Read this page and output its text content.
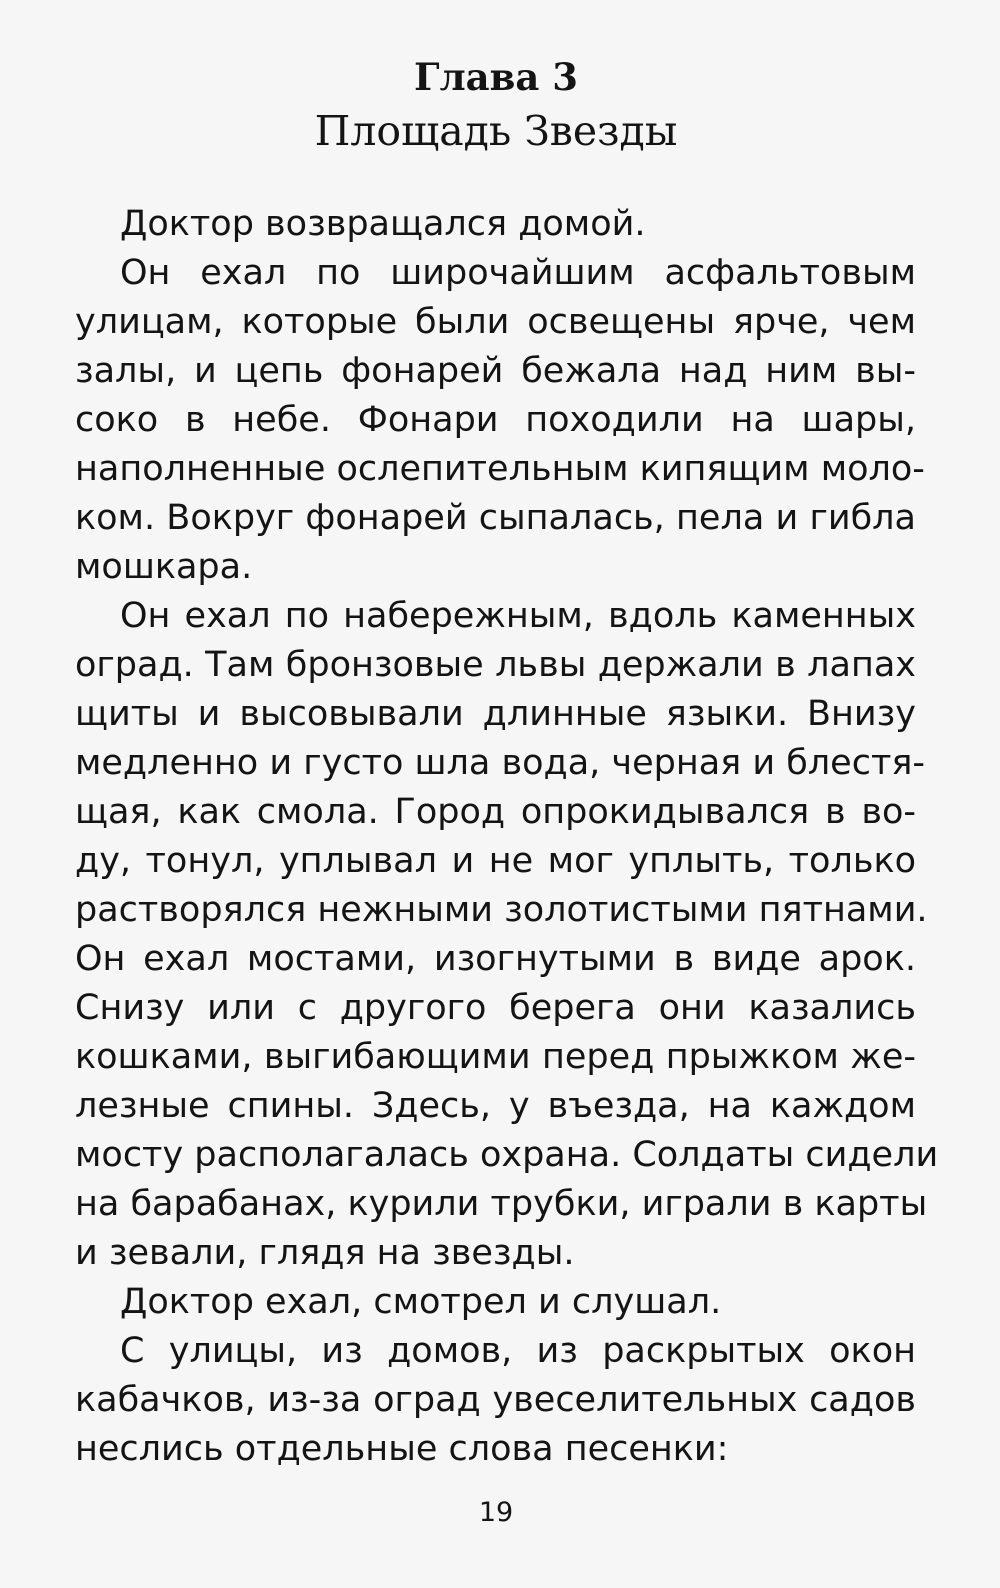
Глава 3
Площадь Звезды
Доктор возвращался домой.
Он ехал по широчайшим асфальтовым
улицам, которые были освещены ярче, чем
залы, и цепь фонарей бежала над ним вы-
соко в небе. Фонари походили на шары,
наполненные ослепительным кипящим моло-
ком. Вокруг фонарей сыпалась, пела и гибла
мошкара.
Он ехал по набережным, вдоль каменных
оград. Там бронзовые львы держали в лапах
щиты и высовывали длинные языки. Внизу
медленно и густо шла вода, черная и блестя-
щая, как смола. Город опрокидывался в во-
ду, тонул, уплывал и не мог уплыть, только
растворялся нежными золотистыми пятнами.
Он ехал мостами, изогнутыми в виде арок.
Снизу или с другого берега они казались
кошками, выгибающими перед прыжком же-
лезные спины. Здесь, у въезда, на каждом
мосту располагалась охрана. Солдаты сидели
на барабанах, курили трубки, играли в карты
и зевали, глядя на звезды.
Доктор ехал, смотрел и слушал.
С улицы, из домов, из раскрытых окон
кабачков, из-за оград увеселительных садов
неслись отдельные слова песенки:
19
